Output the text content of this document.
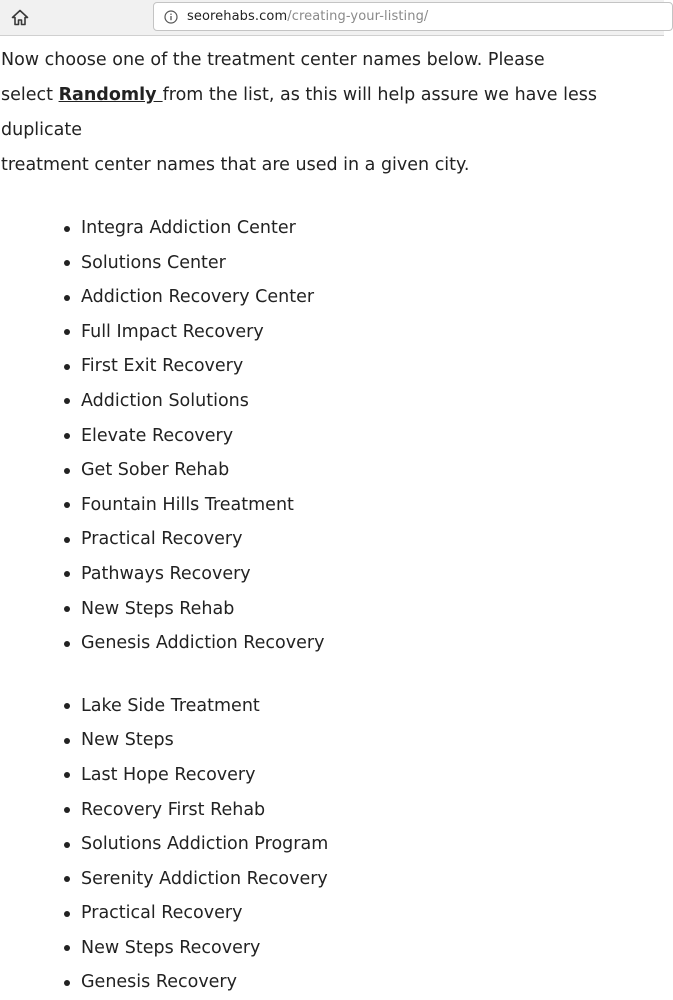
seorehabs.com/creating-your-listing/

Now choose one of the treatment center names below. Please
select Randomly from the list, as this will help assure we have less duplicate
treatment center names that are used in a given city.

Integra Addiction Center
Solutions Center
Addiction Recovery Center
Full Impact Recovery
First Exit Recovery
Addiction Solutions
Elevate Recovery
Get Sober Rehab
Fountain Hills Treatment
Practical Recovery
Pathways Recovery
New Steps Rehab
Genesis Addiction Recovery
Lake Side Treatment
New Steps
Last Hope Recovery
Recovery First Rehab
Solutions Addiction Program
Serenity Addiction Recovery
Practical Recovery
New Steps Recovery
Genesis Recovery
